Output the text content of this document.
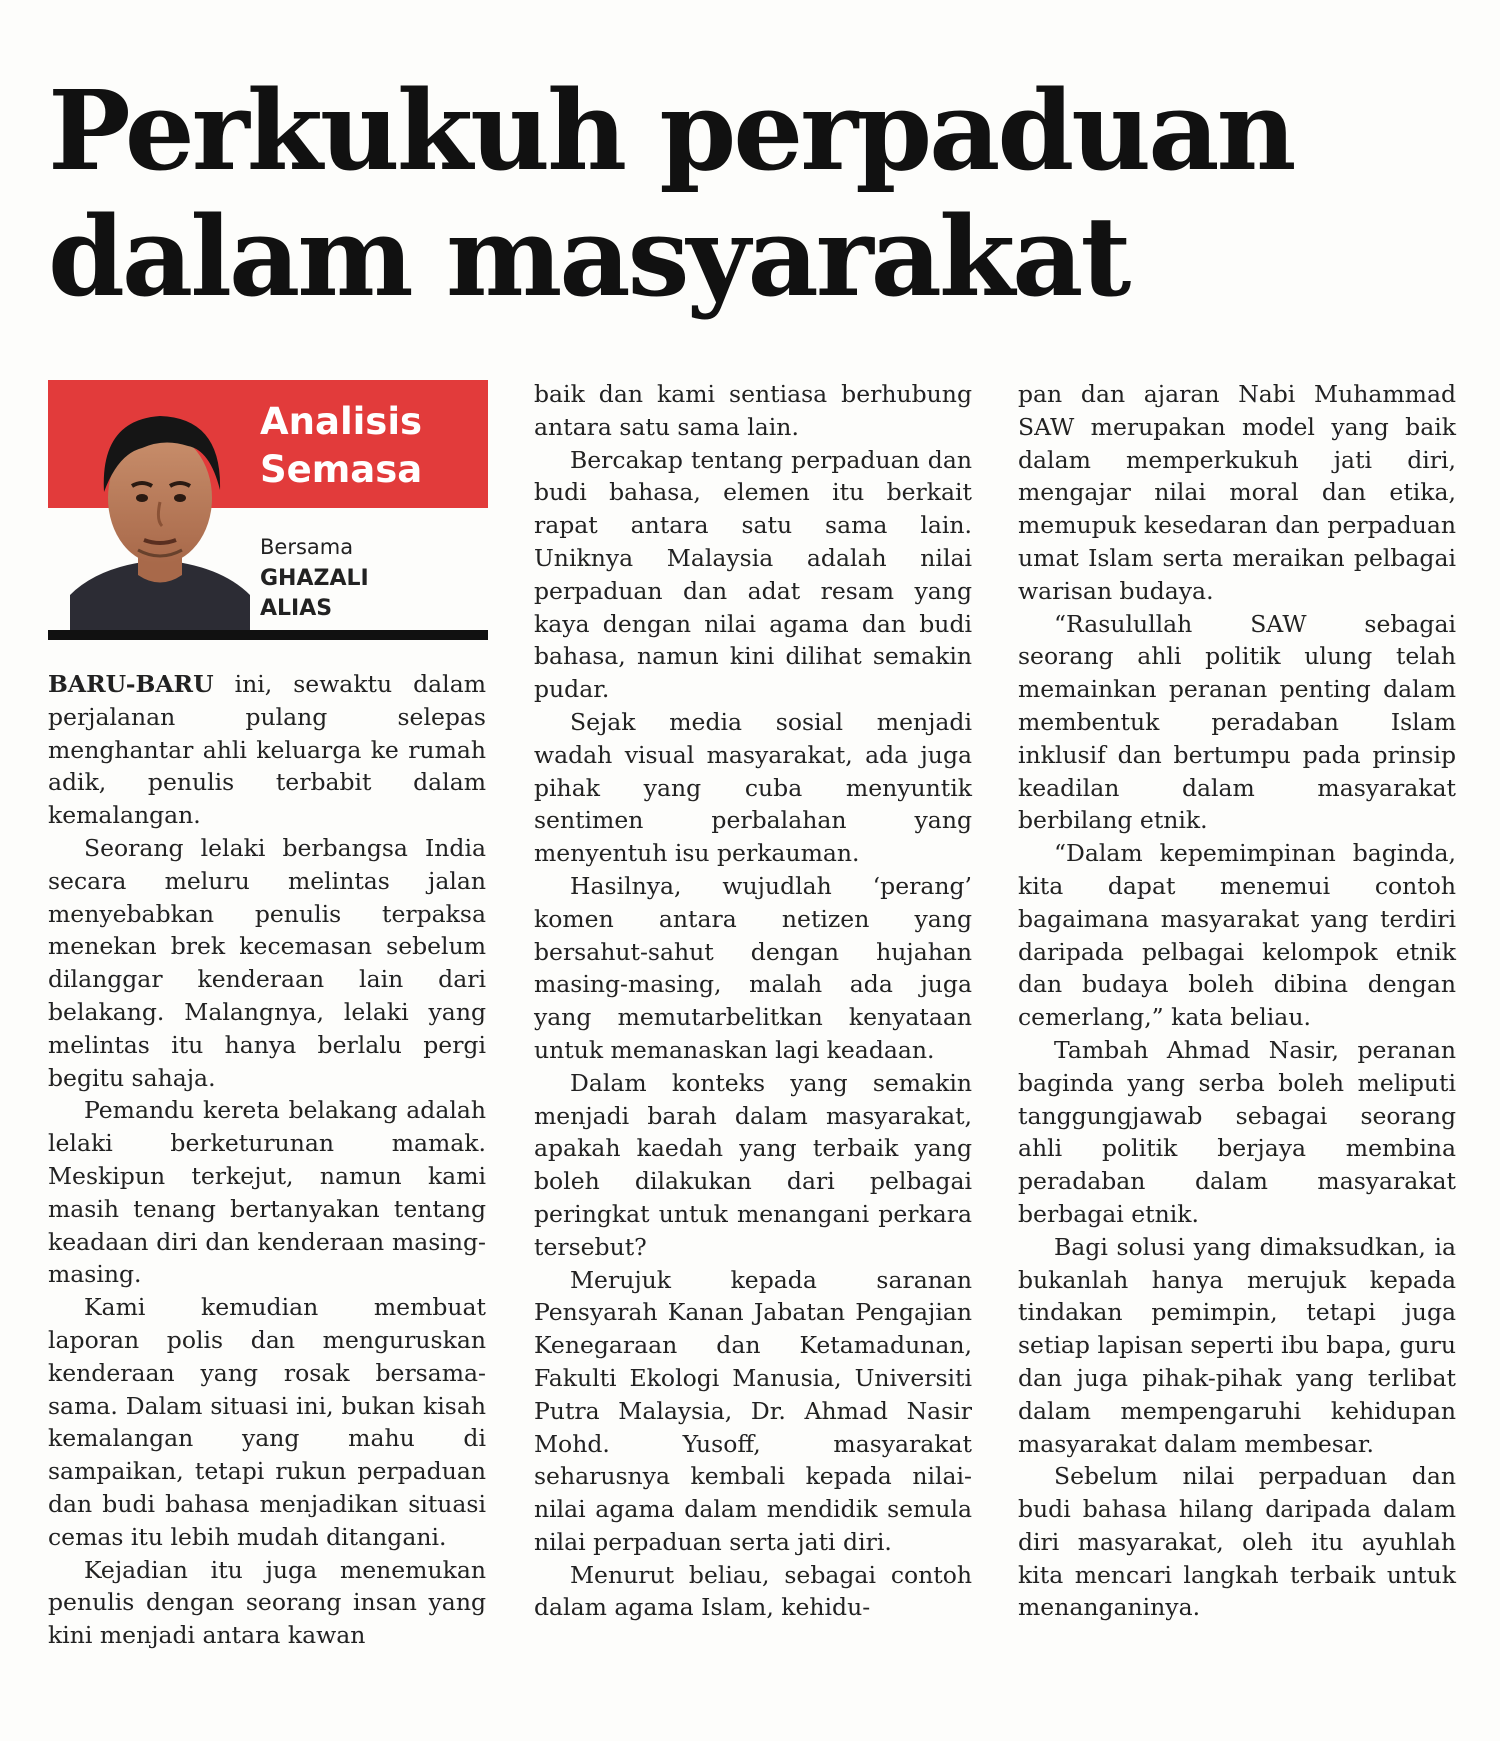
Perkukuh perpaduan
dalam masyarakat
Analisis
Semasa
Bersama
GHAZALI
ALIAS

BARU-BARU ini, sewaktu dalam perjalanan pulang selepas menghantar ahli keluarga ke rumah adik, penulis terbabit dalam kemalangan.

Seorang lelaki berbangsa India secara meluru melintas jalan menyebabkan penulis terpaksa menekan brek kecemasan sebelum dilanggar kenderaan lain dari belakang. Malangnya, lelaki yang melintas itu hanya berlalu pergi begitu sahaja.

Pemandu kereta belakang adalah lelaki berketurunan mamak. Meskipun terkejut, namun kami masih tenang bertanyakan tentang keadaan diri dan kenderaan masing-masing.

Kami kemudian membuat laporan polis dan menguruskan kenderaan yang rosak bersama-sama. Dalam situasi ini, bukan kisah kemalangan yang mahu di sampaikan, tetapi rukun perpaduan dan budi bahasa menjadikan situasi cemas itu lebih mudah ditangani.

Kejadian itu juga menemukan penulis dengan seorang insan yang kini menjadi antara kawan

baik dan kami sentiasa berhubung antara satu sama lain.

Bercakap tentang perpaduan dan budi bahasa, elemen itu berkait rapat antara satu sama lain. Uniknya Malaysia adalah nilai perpaduan dan adat resam yang kaya dengan nilai agama dan budi bahasa, namun kini dilihat semakin pudar.

Sejak media sosial menjadi wadah visual masyarakat, ada juga pihak yang cuba menyuntik sentimen perbalahan yang menyentuh isu perkauman.

Hasilnya, wujudlah ‘perang’ komen antara netizen yang bersahut-sahut dengan hujahan masing-masing, malah ada juga yang memutarbelitkan kenyataan untuk memanaskan lagi keadaan.

Dalam konteks yang semakin menjadi barah dalam masyarakat, apakah kaedah yang terbaik yang boleh dilakukan dari pelbagai peringkat untuk menangani perkara tersebut?

Merujuk kepada saranan Pensyarah Kanan Jabatan Pengajian Kenegaraan dan Ketamadunan, Fakulti Ekologi Manusia, Universiti Putra Malaysia, Dr. Ahmad Nasir Mohd. Yusoff, masyarakat seharusnya kembali kepada nilai-nilai agama dalam mendidik semula nilai perpaduan serta jati diri.

Menurut beliau, sebagai contoh dalam agama Islam, kehidu-

pan dan ajaran Nabi Muhammad SAW merupakan model yang baik dalam memperkukuh jati diri, mengajar nilai moral dan etika, memupuk kesedaran dan perpaduan umat Islam serta meraikan pelbagai warisan budaya.

“Rasulullah SAW sebagai seorang ahli politik ulung telah memainkan peranan penting dalam membentuk peradaban Islam inklusif dan bertumpu pada prinsip keadilan dalam masyarakat berbilang etnik.

“Dalam kepemimpinan baginda, kita dapat menemui contoh bagaimana masyarakat yang terdiri daripada pelbagai kelompok etnik dan budaya boleh dibina dengan cemerlang,” kata beliau.

Tambah Ahmad Nasir, peranan baginda yang serba boleh meliputi tanggungjawab sebagai seorang ahli politik berjaya membina peradaban dalam masyarakat berbagai etnik.

Bagi solusi yang dimaksudkan, ia bukanlah hanya merujuk kepada tindakan pemimpin, tetapi juga setiap lapisan seperti ibu bapa, guru dan juga pihak-pihak yang terlibat dalam mempengaruhi kehidupan masyarakat dalam membesar.

Sebelum nilai perpaduan dan budi bahasa hilang daripada dalam diri masyarakat, oleh itu ayuhlah kita mencari langkah terbaik untuk menanganinya.
